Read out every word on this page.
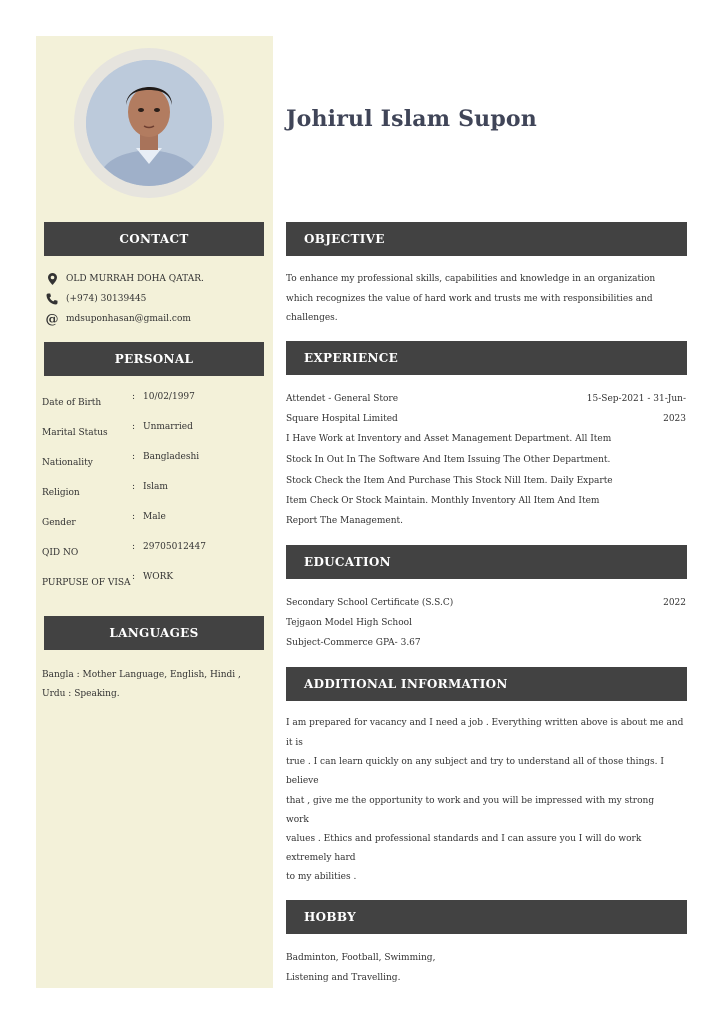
CONTACT
OLD MURRAH DOHA QATAR.
(+974) 30139445
@ mdsuponhasan@gmail.com
PERSONAL
Date of Birth
: 10/02/1997
Marital Status
: Unmarried
Nationality
: Bangladeshi
Religion
: Islam
Gender
: Male
QID NO
: 29705012447
PURPUSE OF VISA
: WORK
LANGUAGES
Bangla : Mother Language, English, Hindi , Urdu : Speaking.
Johirul Islam Supon
OBJECTIVE
To enhance my professional skills, capabilities and knowledge in an organization
which recognizes the value of hard work and trusts me with responsibilities and
challenges.
EXPERIENCE
Attendet - General Store	15-Sep-2021 - 31-Jun-
Square Hospital Limited	2023
I Have Work at Inventory and Asset Management Department. All Item
Stock In Out In The Software And Item Issuing The Other Department.
Stock Check the Item And Purchase This Stock Nill Item. Daily Exparte
Item Check Or Stock Maintain. Monthly Inventory All Item And Item
Report The Management.
EDUCATION
Secondary School Certificate (S.S.C)	2022
Tejgaon Model High School
Subject-Commerce GPA- 3.67
ADDITIONAL INFORMATION
I am prepared for vacancy and I need a job . Everything written above is about me and
it is
true . I can learn quickly on any subject and try to understand all of those things. I
believe
that , give me the opportunity to work and you will be impressed with my strong
work
values . Ethics and professional standards and I can assure you I will do work
extremely hard
to my abilities .
HOBBY
Badminton, Football, Swimming,
Listening and Travelling.
